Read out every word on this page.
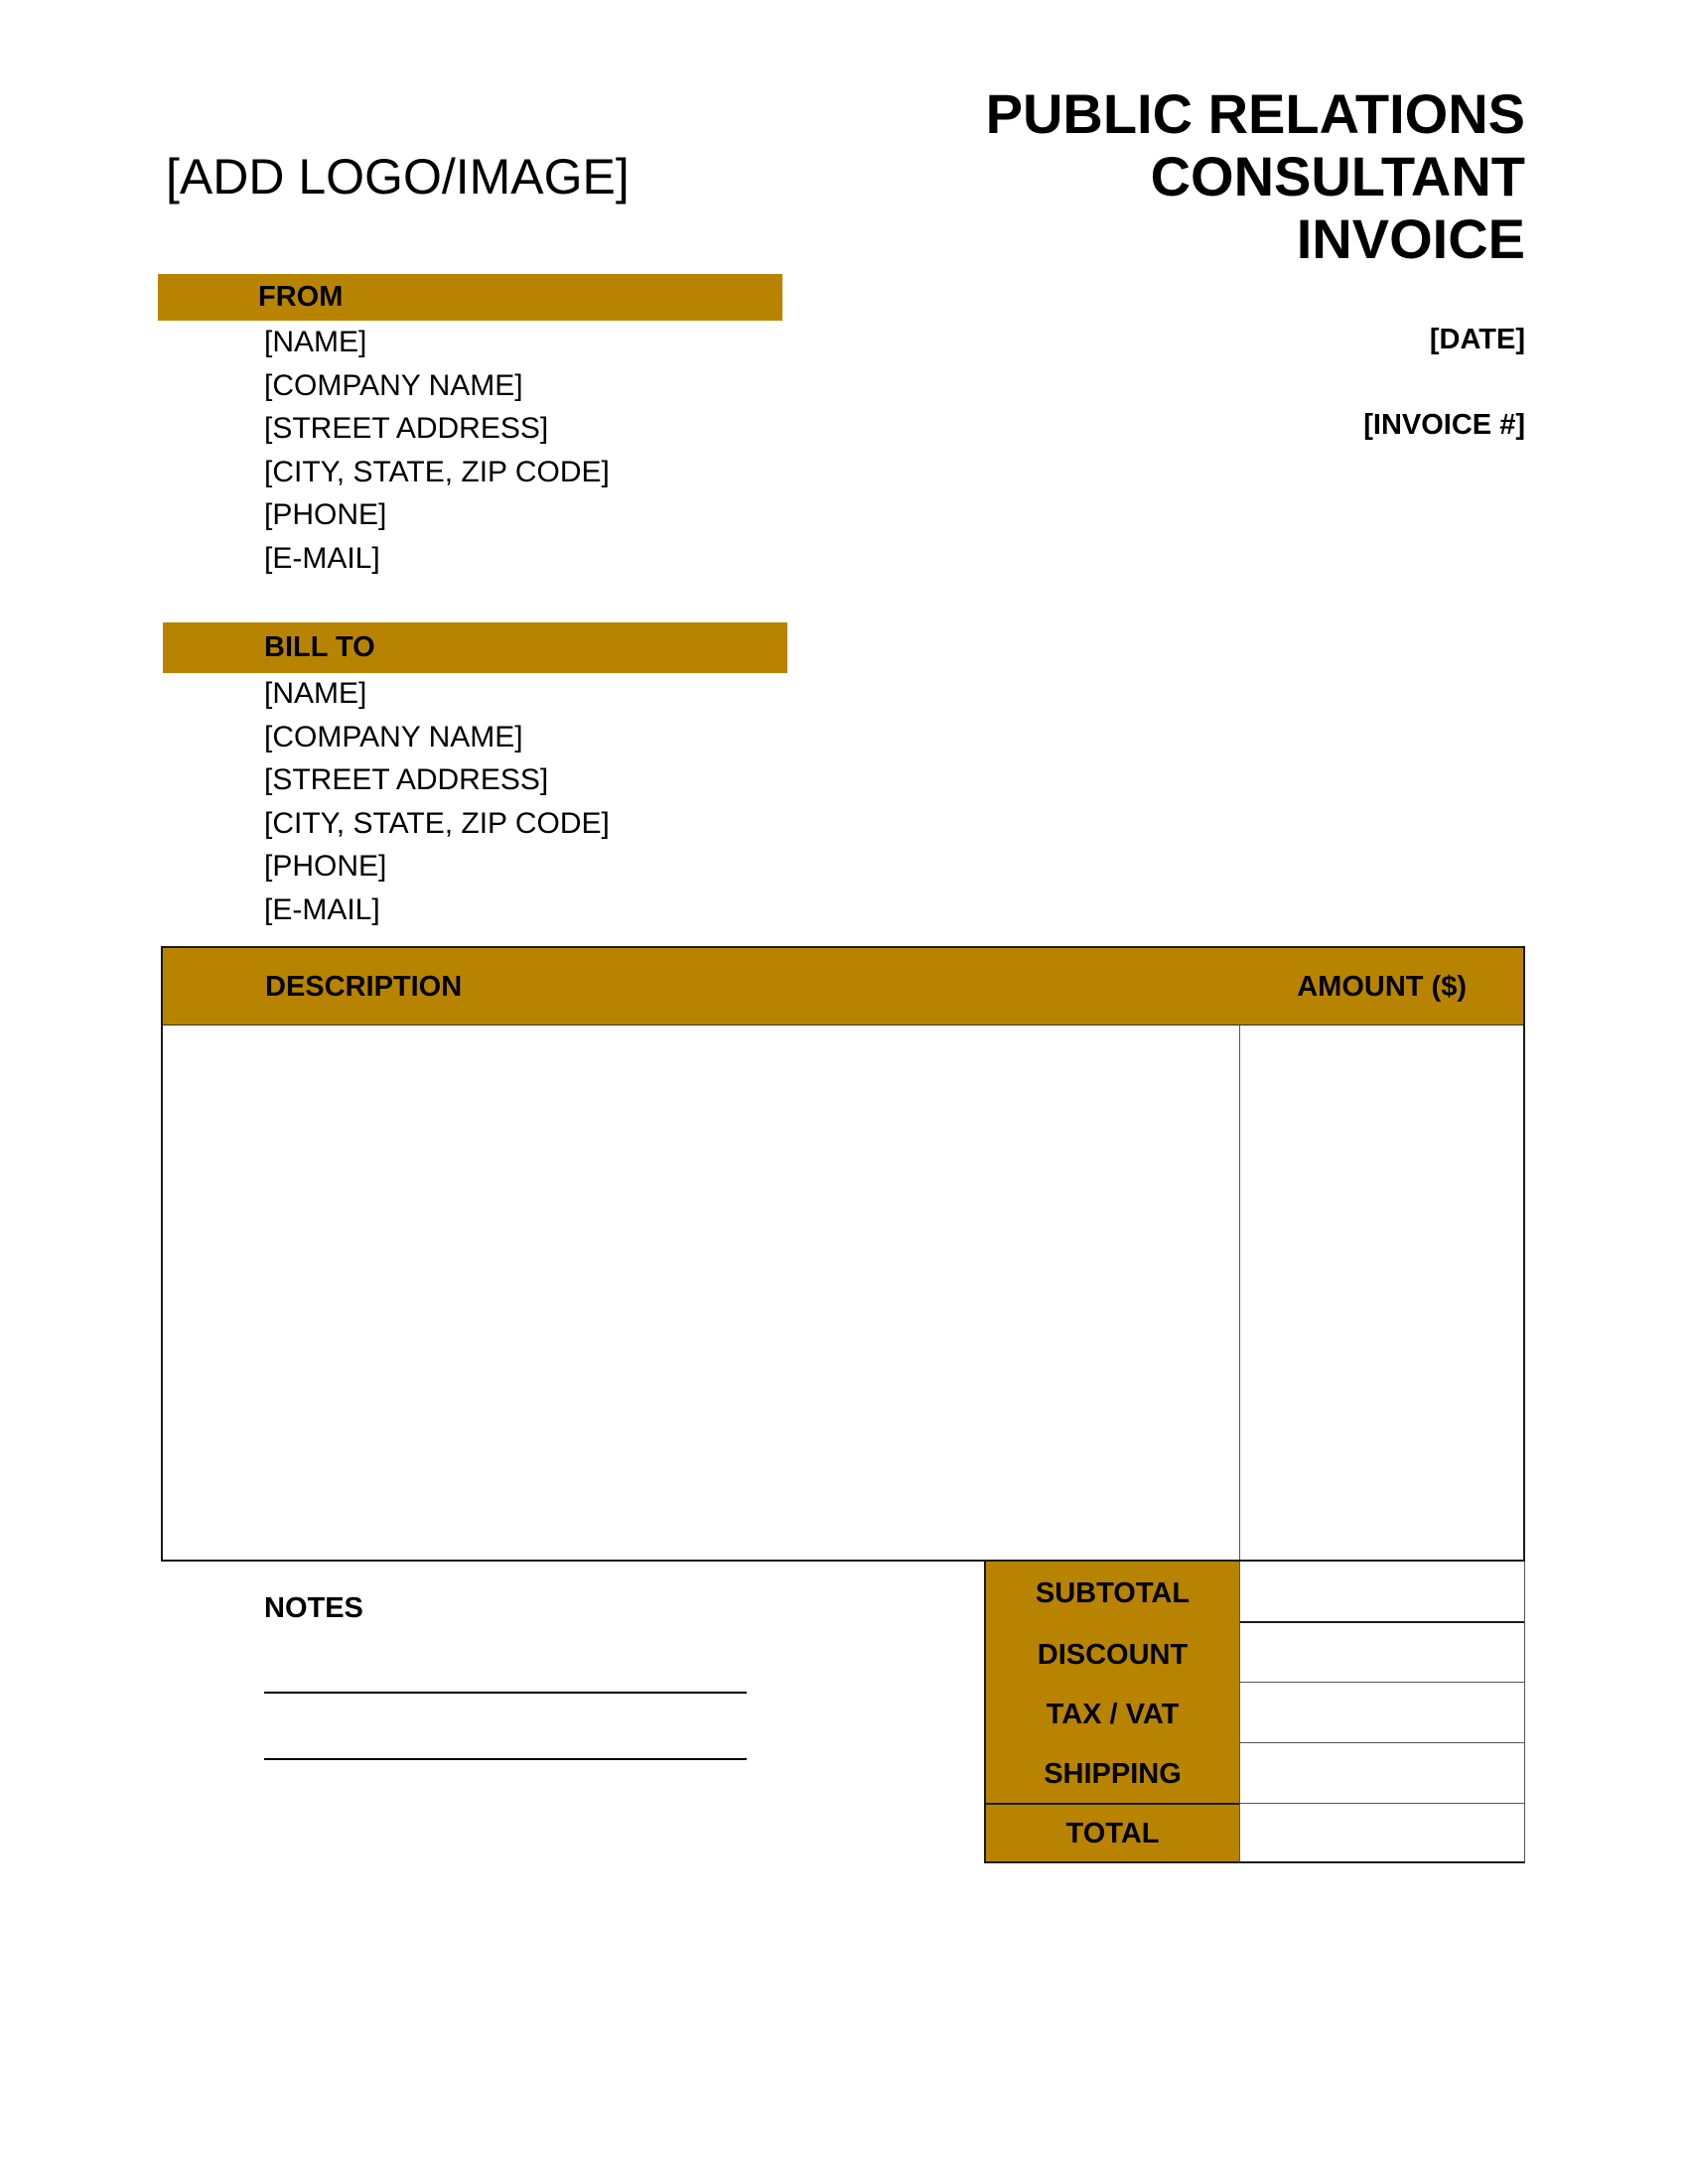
[ADD LOGO/IMAGE]
PUBLIC RELATIONS
CONSULTANT
INVOICE
FROM
[NAME]
[COMPANY NAME]
[STREET ADDRESS]
[CITY, STATE, ZIP CODE]
[PHONE]
[E-MAIL]
[DATE]
[INVOICE #]
BILL TO
[NAME]
[COMPANY NAME]
[STREET ADDRESS]
[CITY, STATE, ZIP CODE]
[PHONE]
[E-MAIL]
DESCRIPTION	AMOUNT ($)
NOTES	SUBTOTAL
DISCOUNT
TAX / VAT
SHIPPING
TOTAL
